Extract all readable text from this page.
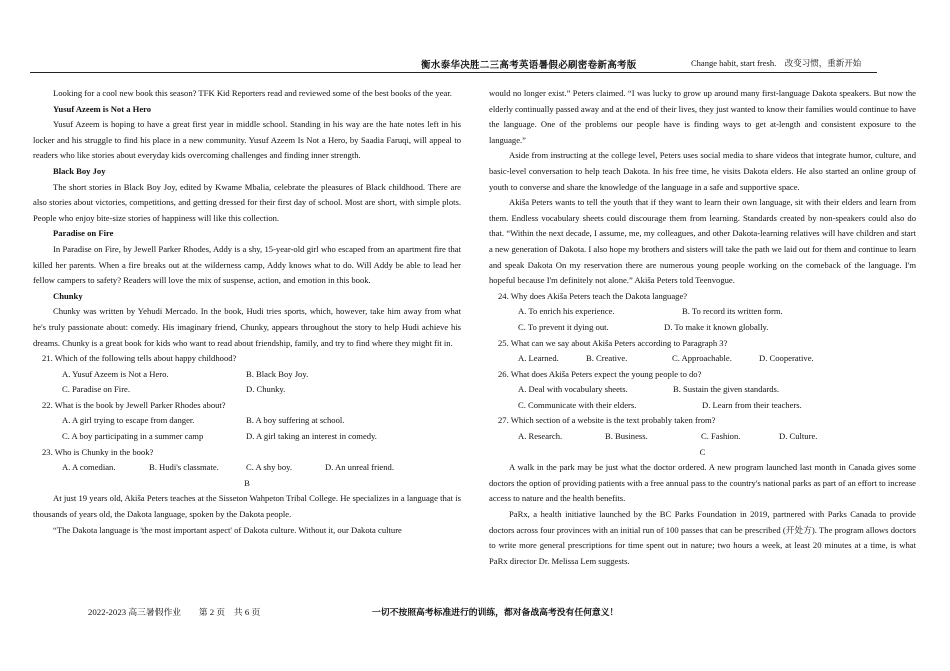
衡水泰华决胜二三高考英语暑假必刷密卷新高考版	Change habit, start fresh.　改变习惯，重新开始

Looking for a cool new book this season? TFK Kid Reporters read and reviewed some of the best books of the year.

Yusuf Azeem is Not a Hero

Yusuf Azeem is hoping to have a great first year in middle school. Standing in his way are the hate notes left in his locker and his struggle to find his place in a new community. Yusuf Azeem Is Not a Hero, by Saadia Faruqi, will appeal to readers who like stories about everyday kids overcoming challenges and finding inner strength.

Black Boy Joy

The short stories in Black Boy Joy, edited by Kwame Mbalia, celebrate the pleasures of Black childhood. There are also stories about victories, competitions, and getting dressed for their first day of school. Most are short, with simple plots. People who enjoy bite-size stories of happiness will like this collection.

Paradise on Fire

In Paradise on Fire, by Jewell Parker Rhodes, Addy is a shy, 15-year-old girl who escaped from an apartment fire that killed her parents. When a fire breaks out at the wilderness camp, Addy knows what to do. Will Addy be able to lead her fellow campers to safety? Readers will love the mix of suspense, action, and emotion in this book.

Chunky

Chunky was written by Yehudi Mercado. In the book, Hudi tries sports, which, however, take him away from what he's truly passionate about: comedy. His imaginary friend, Chunky, appears throughout the story to help Hudi achieve his dreams. Chunky is a great book for kids who want to read about friendship, family, and try to find where they might fit in.

21. Which of the following tells about happy childhood?

A. Yusuf Azeem is Not a Hero.	B. Black Boy Joy.
C. Paradise on Fire.	D. Chunky.

22. What is the book by Jewell Parker Rhodes about?

A. A girl trying to escape from danger.	B. A boy suffering at school.
C. A boy participating in a summer camp	D. A girl taking an interest in comedy.

23. Who is Chunky in the book?

A. A comedian.	B. Hudi's classmate.	C. A shy boy.	D. An unreal friend.
B

At just 19 years old, Akiša Peters teaches at the Sisseton Wahpeton Tribal College. He specializes in a language that is thousands of years old, the Dakota language, spoken by the Dakota people.

“The Dakota language is 'the most important aspect' of Dakota culture. Without it, our Dakota culture

would no longer exist.” Peters claimed. “I was lucky to grow up around many first-language Dakota speakers. But now the elderly continually passed away and at the end of their lives, they just wanted to know their families would continue to have the language. One of the problems our people have is finding ways to get at-length and consistent exposure to the language.”

Aside from instructing at the college level, Peters uses social media to share videos that integrate humor, culture, and basic-level conversation to help teach Dakota. In his free time, he visits Dakota elders. He also started an online group of youth to converse and share the knowledge of the language in a safe and supportive space.

Akiša Peters wants to tell the youth that if they want to learn their own language, sit with their elders and learn from them. Endless vocabulary sheets could discourage them from learning. Standards created by non-speakers could also do that. “Within the next decade, I assume, me, my colleagues, and other Dakota-learning relatives will have children and start a new generation of Dakota. I also hope my brothers and sisters will take the path we laid out for them and continue to learn and speak Dakota On my reservation there are numerous young people working on the comeback of the language. I'm hopeful because I'm definitely not alone.” Akiša Peters told Teenvogue.

24. Why does Akiša Peters teach the Dakota language?

A. To enrich his experience.	B. To record its written form.
C. To prevent it dying out.	D. To make it known globally.

25. What can we say about Akiša Peters according to Paragraph 3?

A. Learned.	B. Creative.	C. Approachable.	D. Cooperative.

26. What does Akiša Peters expect the young people to do?

A. Deal with vocabulary sheets.	B. Sustain the given standards.
C. Communicate with their elders.	D. Learn from their teachers.

27. Which section of a website is the text probably taken from?

A. Research.	B. Business.	C. Fashion.	D. Culture.
C

A walk in the park may be just what the doctor ordered. A new program launched last month in Canada gives some doctors the option of providing patients with a free annual pass to the country's national parks as part of an effort to increase access to nature and the health benefits.

PaRx, a health initiative launched by the BC Parks Foundation in 2019, partnered with Parks Canada to provide doctors across four provinces with an initial run of 100 passes that can be prescribed (开处方). The program allows doctors to write more general prescriptions for time spent out in nature; two hours a week, at least 20 minutes at a time, is what PaRx director Dr. Melissa Lem suggests.

2022-2023 高三暑假作业　　第 2 页　共 6 页	一切不按照高考标准进行的训练，都对备战高考没有任何意义！
